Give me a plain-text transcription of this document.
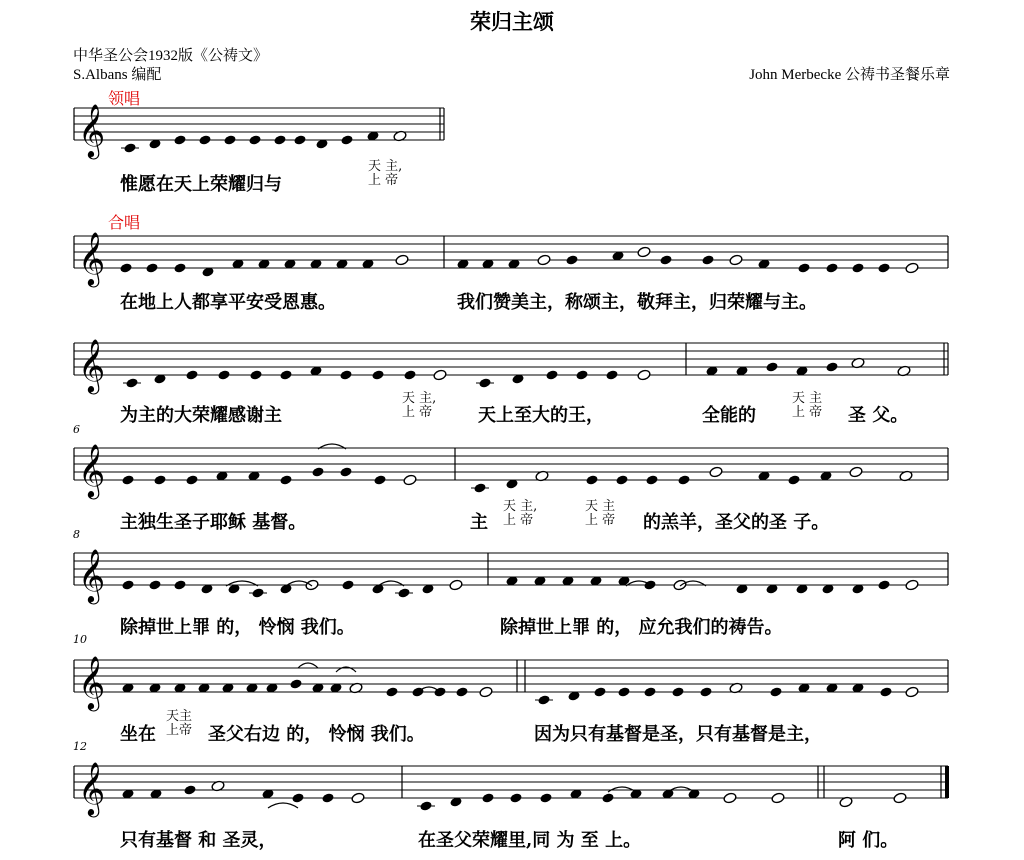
荣归主颂
中华圣公会1932版《公祷文》
S.Albans 编配	John Merbecke 公祷书圣餐乐章
领唱
合唱
6
8
10
12
𝄞
𝄞
𝄞
𝄞
𝄞
𝄞
𝄞
惟愿在天上荣耀归与
天 主,
上 帝
在地上人都享平安受恩惠。	我们赞美主，称颂主，敬拜主，归荣耀与主。
为主的大荣耀感谢主
天 主,
上 帝	天上至大的王，	全能的
天 主
上 帝 圣 父。
主独生圣子耶稣 基督。	主
天 主,
上 帝
天 主
上 帝 的羔羊，圣父的圣 子。
除掉世上罪 的， 怜悯 我们。	除掉世上罪 的， 应允我们的祷告。
坐在
天主
上帝 圣父右边 的， 怜悯 我们。	因为只有基督是圣，只有基督是主，
只有基督 和 圣灵，	在圣父荣耀里,同 为 至 上。	阿 们。
